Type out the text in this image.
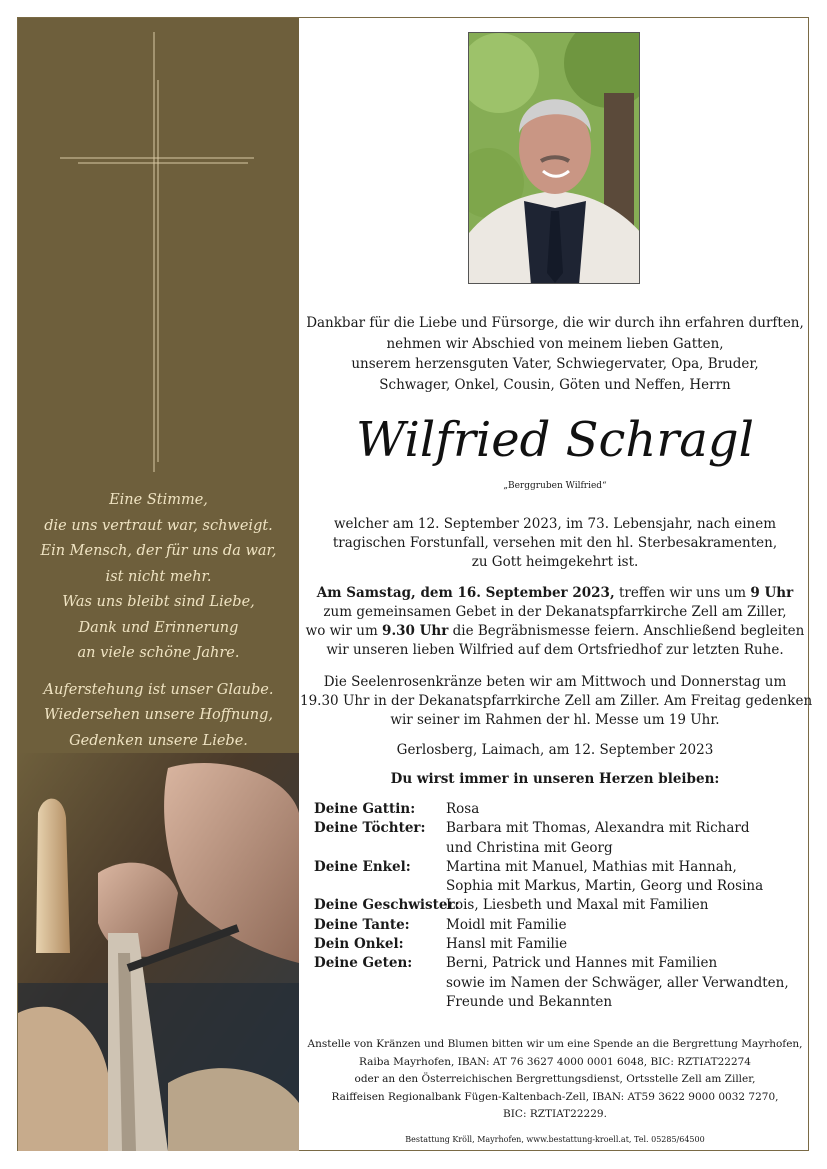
Eine Stimme,
die uns vertraut war, schweigt.
Ein Mensch, der für uns da war,
ist nicht mehr.
Was uns bleibt sind Liebe,
Dank und Erinnerung
an viele schöne Jahre.
Auferstehung ist unser Glaube.
Wiedersehen unsere Hoffnung,
Gedenken unsere Liebe.
Dankbar für die Liebe und Fürsorge, die wir durch ihn erfahren durften,
nehmen wir Abschied von meinem lieben Gatten,
unserem herzensguten Vater, Schwiegervater, Opa, Bruder,
Schwager, Onkel, Cousin, Göten und Neffen, Herrn
Wilfried Schragl
„Berggruben Wilfried“
welcher am 12. September 2023, im 73. Lebensjahr, nach einem
tragischen Forstunfall, versehen mit den hl. Sterbesakramenten,
zu Gott heimgekehrt ist.
Am Samstag, dem 16. September 2023, treffen wir uns um 9 Uhr
zum gemeinsamen Gebet in der Dekanatspfarrkirche Zell am Ziller,
wo wir um 9.30 Uhr die Begräbnismesse feiern. Anschließend begleiten
wir unseren lieben Wilfried auf dem Ortsfriedhof zur letzten Ruhe.
Die Seelenrosenkränze beten wir am Mittwoch und Donnerstag um
19.30 Uhr in der Dekanatspfarrkirche Zell am Ziller. Am Freitag gedenken
wir seiner im Rahmen der hl. Messe um 19 Uhr.
Gerlosberg, Laimach, am 12. September 2023
Du wirst immer in unseren Herzen bleiben:
Deine Gattin:	Rosa
Deine Töchter:	Barbara mit Thomas, Alexandra mit Richard
und Christina mit Georg
Deine Enkel:	Martina mit Manuel, Mathias mit Hannah,
Sophia mit Markus, Martin, Georg und Rosina
Deine Geschwister:
Lois, Liesbeth und Maxal mit Familien
Deine Tante:	Moidl mit Familie
Dein Onkel:	Hansl mit Familie
Deine Geten:	Berni, Patrick und Hannes mit Familien
sowie im Namen der Schwäger, aller Verwandten,
Freunde und Bekannten
Anstelle von Kränzen und Blumen bitten wir um eine Spende an die Bergrettung Mayrhofen,
Raiba Mayrhofen, IBAN: AT 76 3627 4000 0001 6048, BIC: RZTIAT22274
oder an den Österreichischen Bergrettungsdienst, Ortsstelle Zell am Ziller,
Raiffeisen Regionalbank Fügen-Kaltenbach-Zell, IBAN: AT59 3622 9000 0032 7270,
BIC: RZTIAT22229.
Bestattung Kröll, Mayrhofen, www.bestattung-kroell.at, Tel. 05285/64500
